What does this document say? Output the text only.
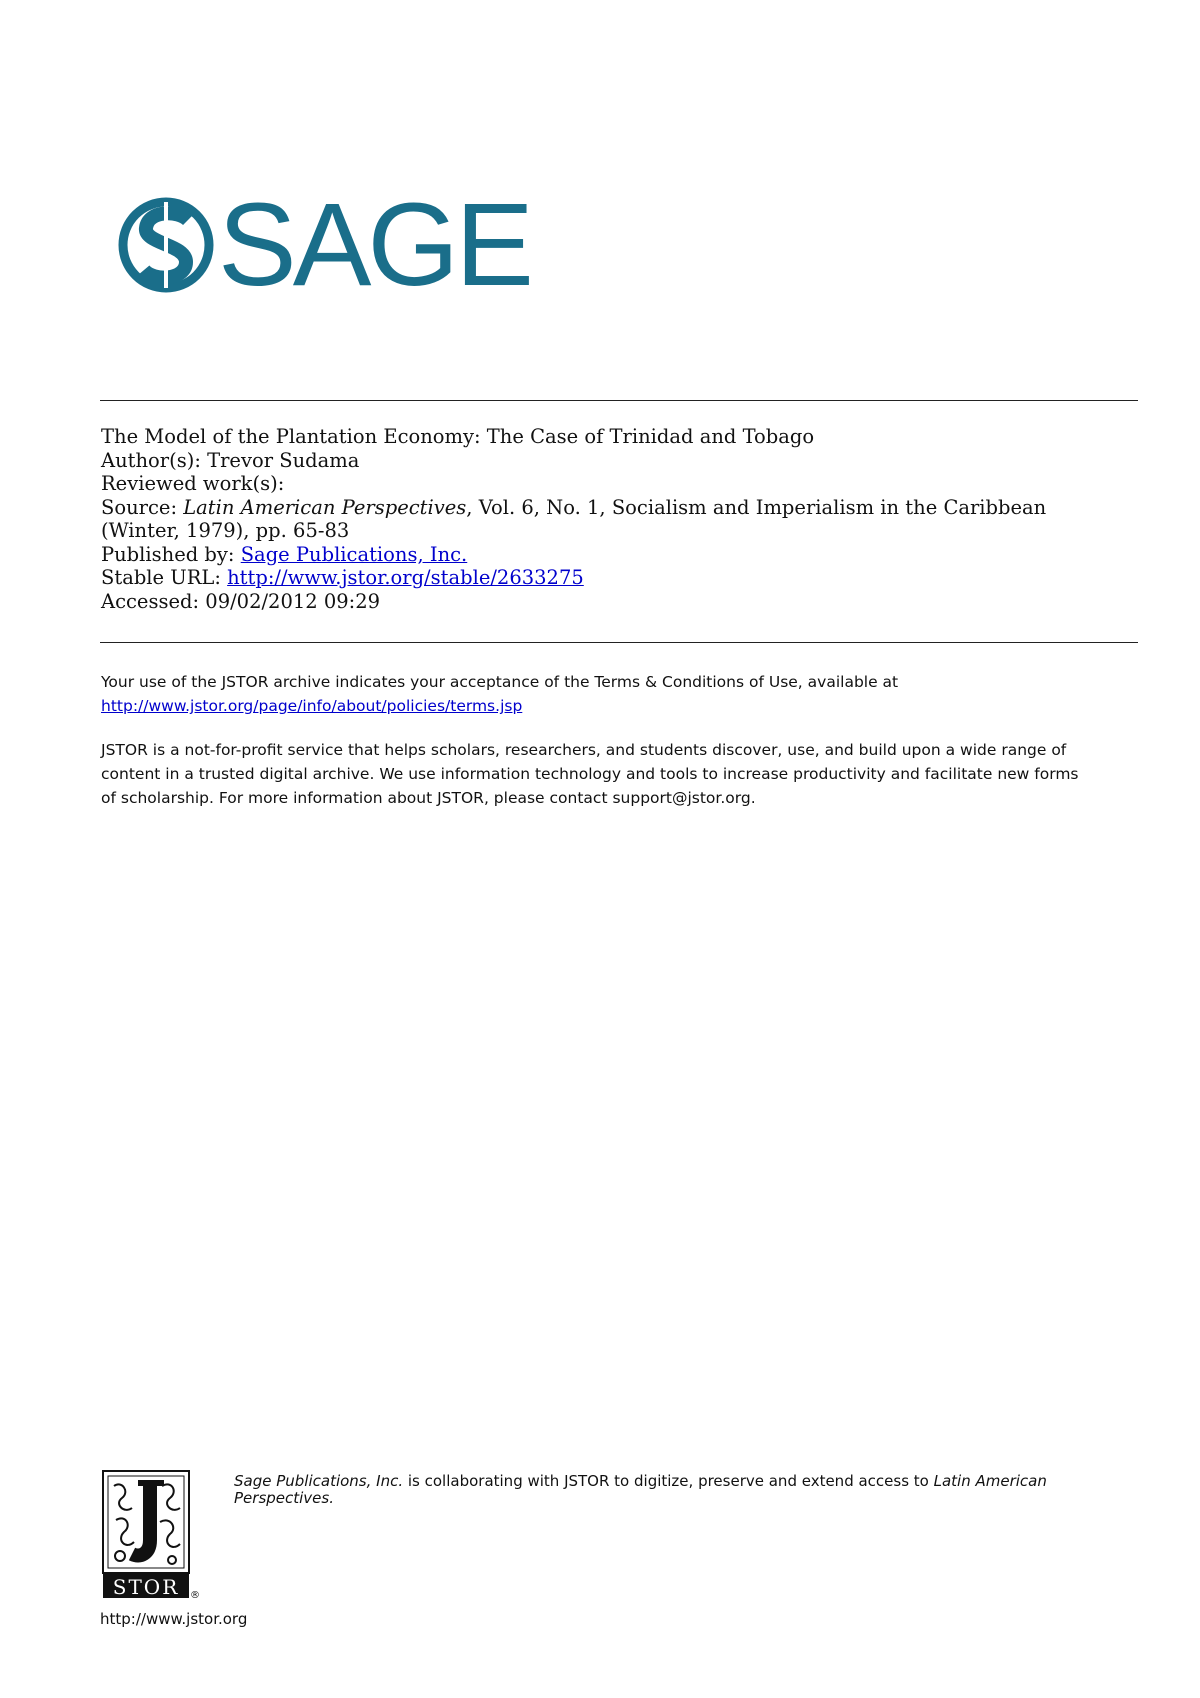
SAGE
The Model of the Plantation Economy: The Case of Trinidad and Tobago
Author(s): Trevor Sudama
Reviewed work(s):
Source: Latin American Perspectives, Vol. 6, No. 1, Socialism and Imperialism in the Caribbean
(Winter, 1979), pp. 65-83
Published by: Sage Publications, Inc.
Stable URL: http://www.jstor.org/stable/2633275
Accessed: 09/02/2012 09:29

Your use of the JSTOR archive indicates your acceptance of the Terms & Conditions of Use, available at

http://www.jstor.org/page/info/about/policies/terms.jsp

JSTOR is a not-for-profit service that helps scholars, researchers, and students discover, use, and build upon a wide range of

content in a trusted digital archive. We use information technology and tools to increase productivity and facilitate new forms

of scholarship. For more information about JSTOR, please contact support@jstor.org.

STOR ®
Sage Publications, Inc. is collaborating with JSTOR to digitize, preserve and extend access to Latin American
Perspectives.
http://www.jstor.org
